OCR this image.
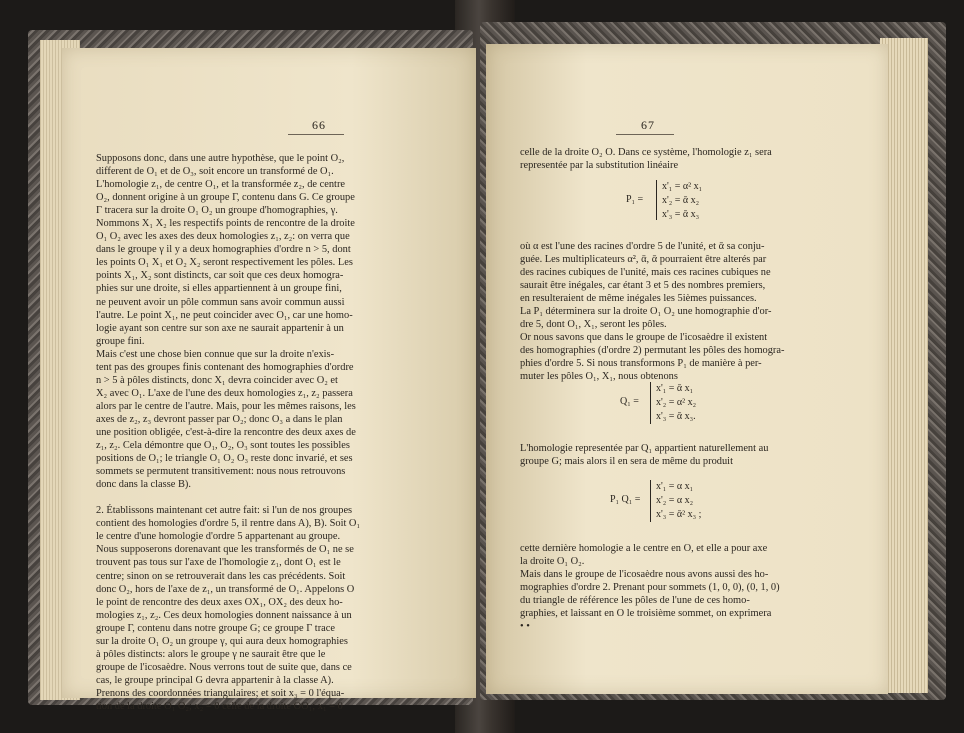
66
Supposons donc, dans une autre hypothèse, que le point O₂,
different de O₁ et de O₃, soit encore un transformé de O₁.
L'homologie z₁, de centre O₁, et la transformée z₂, de centre
O₂, donnent origine à un groupe Γ, contenu dans G. Ce groupe
Γ tracera sur la droite O₁ O₂ un groupe d'homographies, γ.
Nommons X₁ X₂ les respectifs points de rencontre de la droite
O₁ O₂ avec les axes des deux homologies z₁, z₂: on verra que
dans le groupe γ il y a deux homographies d'ordre n > 5, dont
les points O₁ X₁ et O₂ X₂ seront respectivement les pôles. Les
points X₁, X₂ sont distincts, car soit que ces deux homogra-
phies sur une droite, si elles appartiennent à un groupe fini,
ne peuvent avoir un pôle commun sans avoir commun aussi
l'autre. Le point X₁, ne peut coincider avec O₁, car une homo-
logie ayant son centre sur son axe ne saurait appartenir à un
groupe fini.
Mais c'est une chose bien connue que sur la droite n'exis-
tent pas des groupes finis contenant des homographies d'ordre
n > 5 à pôles distincts, donc X₁ devra coincider avec O₂ et
X₂ avec O₁. L'axe de l'une des deux homologies z₁, z₂ passera
alors par le centre de l'autre. Mais, pour les mêmes raisons, les
axes de z₂, z₃ devront passer par O₂; donc O₃ a dans le plan
une position obligée, c'est-à-dire la rencontre des deux axes de
z₁, z₂. Cela démontre que O₁, O₂, O₃ sont toutes les possibles
positions de O₁; le triangle O₁ O₂ O₃ reste donc invarié, et ses
sommets se permutent transitivement: nous nous retrouvons
donc dans la classe B).
2. Établissons maintenant cet autre fait: si l'un de nos groupes
contient des homologies d'ordre 5, il rentre dans A), B). Soit O₁
le centre d'une homologie d'ordre 5 appartenant au groupe.
Nous supposerons dorenavant que les transformés de O₁ ne se
trouvent pas tous sur l'axe de l'homologie z₁, dont O₁ est le
centre; sinon on se retrouverait dans les cas précédents. Soit
donc O₂, hors de l'axe de z₁, un transformé de O₁. Appelons O
le point de rencontre des deux axes OX₁, OX₂ des deux ho-
mologies z₁, z₂. Ces deux homologies donnent naissance à un
groupe Γ, contenu dans notre groupe G; ce groupe Γ trace
sur la droite O₁ O₂ un groupe γ, qui aura deux homographies
à pôles distincts: alors le groupe γ ne saurait être que le
groupe de l'icosaèdre. Nous verrons tout de suite que, dans ce
cas, le groupe principal G devra appartenir à la classe A).
Prenons des coordonnées triangulaires; et soit x₃ = 0 l'équa-
tion de la droite O₁ O₂; x₂ = 0 celle de la droite OO₁; x₁ = 0
67
celle de la droite O₂ O. Dans ce système, l'homologie z₁ sera
representée par la substitution linéaire
P₁ =
x'₁ = α² x₁
x'₂ = ᾱ x₂
x'₃ = ᾱ x₃
où α est l'une des racines d'ordre 5 de l'unité, et ᾱ sa conju-
guée. Les multiplicateurs α², ᾱ, ᾱ pourraient être alterés par
des racines cubiques de l'unité, mais ces racines cubiques ne
saurait être inégales, car étant 3 et 5 des nombres premiers,
en resulteraient de même inégales les 5ièmes puissances.
La P₁ déterminera sur la droite O₁ O₂ une homographie d'or-
dre 5, dont O₁, X₁, seront les pôles.
Or nous savons que dans le groupe de l'icosaèdre il existent
des homographies (d'ordre 2) permutant les pôles des homogra-
phies d'ordre 5. Si nous transformons P₁ de manière à per-
muter les pôles O₁, X₁, nous obtenons
Q₁ =
x'₁ = ᾱ x₁
x'₂ = α² x₂
x'₃ = ᾱ x₃.
L'homologie representée par Q₁ appartient naturellement au
groupe G; mais alors il en sera de même du produit
P₁ Q₁ =
x'₁ = α x₁
x'₂ = α x₂
x'₃ = ᾱ² x₃ ;
cette dernière homologie a le centre en O, et elle a pour axe
la droite O₁ O₂.
Mais dans le groupe de l'icosaèdre nous avons aussi des ho-
mographies d'ordre 2. Prenant pour sommets (1, 0, 0), (0, 1, 0)
du triangle de référence les pôles de l'une de ces homo-
graphies, et laissant en O le troisième sommet, on exprimera
• •
